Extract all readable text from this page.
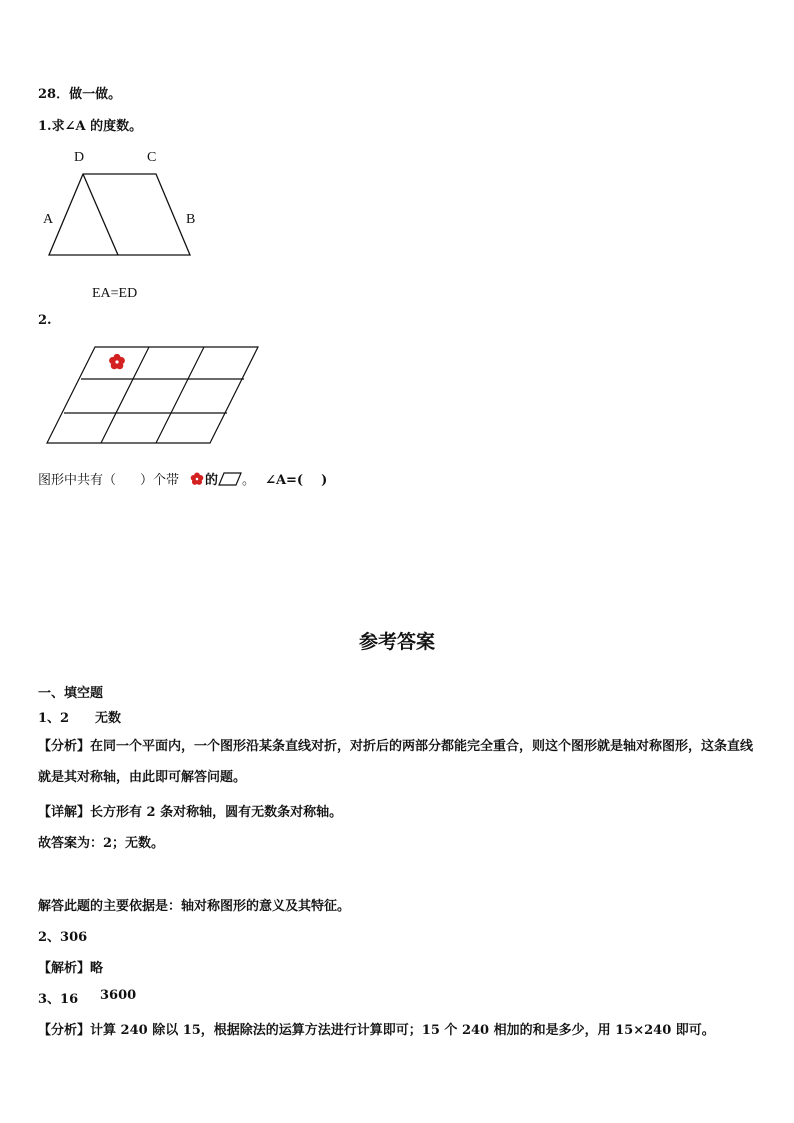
28．做一做。
1.求∠A 的度数。
D	C
A	B
EA=ED
2.
图形中共有（ ）个带 的 。 ∠A=( )
参考答案
一、填空题
1、2 无数
【分析】在同一个平面内，一个图形沿某条直线对折，对折后的两部分都能完全重合，则这个图形就是轴对称图形，这条直线就是其对称轴，由此即可解答问题。
【详解】长方形有 2 条对称轴，圆有无数条对称轴。
故答案为：2；无数。
解答此题的主要依据是：轴对称图形的意义及其特征。
2、306
【解析】略
3、16 3600
【分析】计算 240 除以 15，根据除法的运算方法进行计算即可；15 个 240 相加的和是多少，用 15×240 即可。
